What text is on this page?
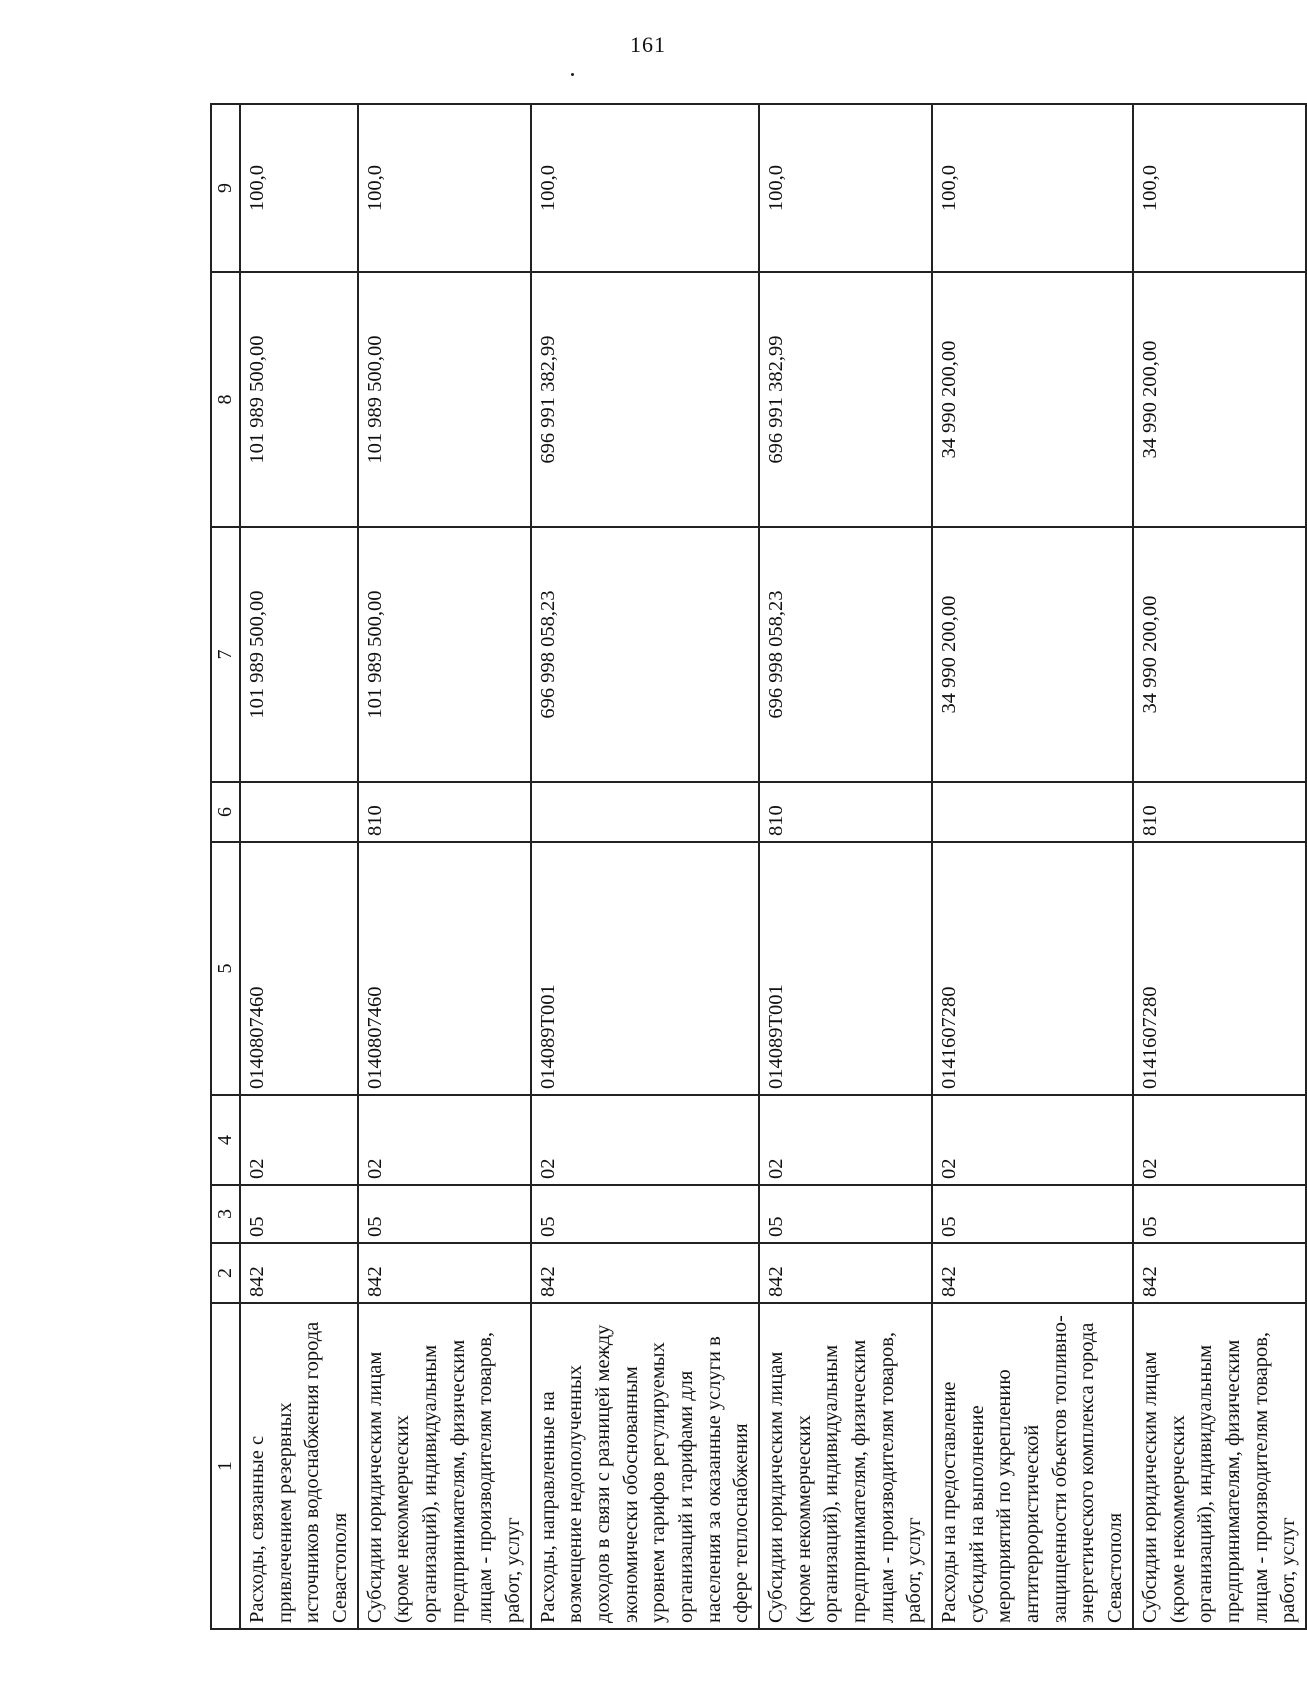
161
1	2	3	4	5	6	7	8	9
Расходы, связанные с привлечением резервных источников водоснабжения города Севастополя	842	05	02	0140807460		101 989 500,00	101 989 500,00	100,0
Субсидии юридическим лицам (кроме некоммерческих организаций), индивидуальным предпринимателям, физическим лицам - производителям товаров, работ, услуг	842	05	02	0140807460	810	101 989 500,00	101 989 500,00	100,0
Расходы, направленные на возмещение недополученных доходов в связи с разницей между экономически обоснованным уровнем тарифов регулируемых организаций и тарифами для населения за оказанные услуги в сфере теплоснабжения	842	05	02	014089T001		696 998 058,23	696 991 382,99	100,0
Субсидии юридическим лицам (кроме некоммерческих организаций), индивидуальным предпринимателям, физическим лицам - производителям товаров, работ, услуг	842	05	02	014089T001	810	696 998 058,23	696 991 382,99	100,0
Расходы на предоставление субсидий на выполнение мероприятий по укреплению антитеррористической защищенности объектов топливно-энергетического комплекса города Севастополя	842	05	02	0141607280		34 990 200,00	34 990 200,00	100,0
Субсидии юридическим лицам (кроме некоммерческих организаций), индивидуальным предпринимателям, физическим лицам - производителям товаров, работ, услуг	842	05	02	0141607280	810	34 990 200,00	34 990 200,00	100,0
